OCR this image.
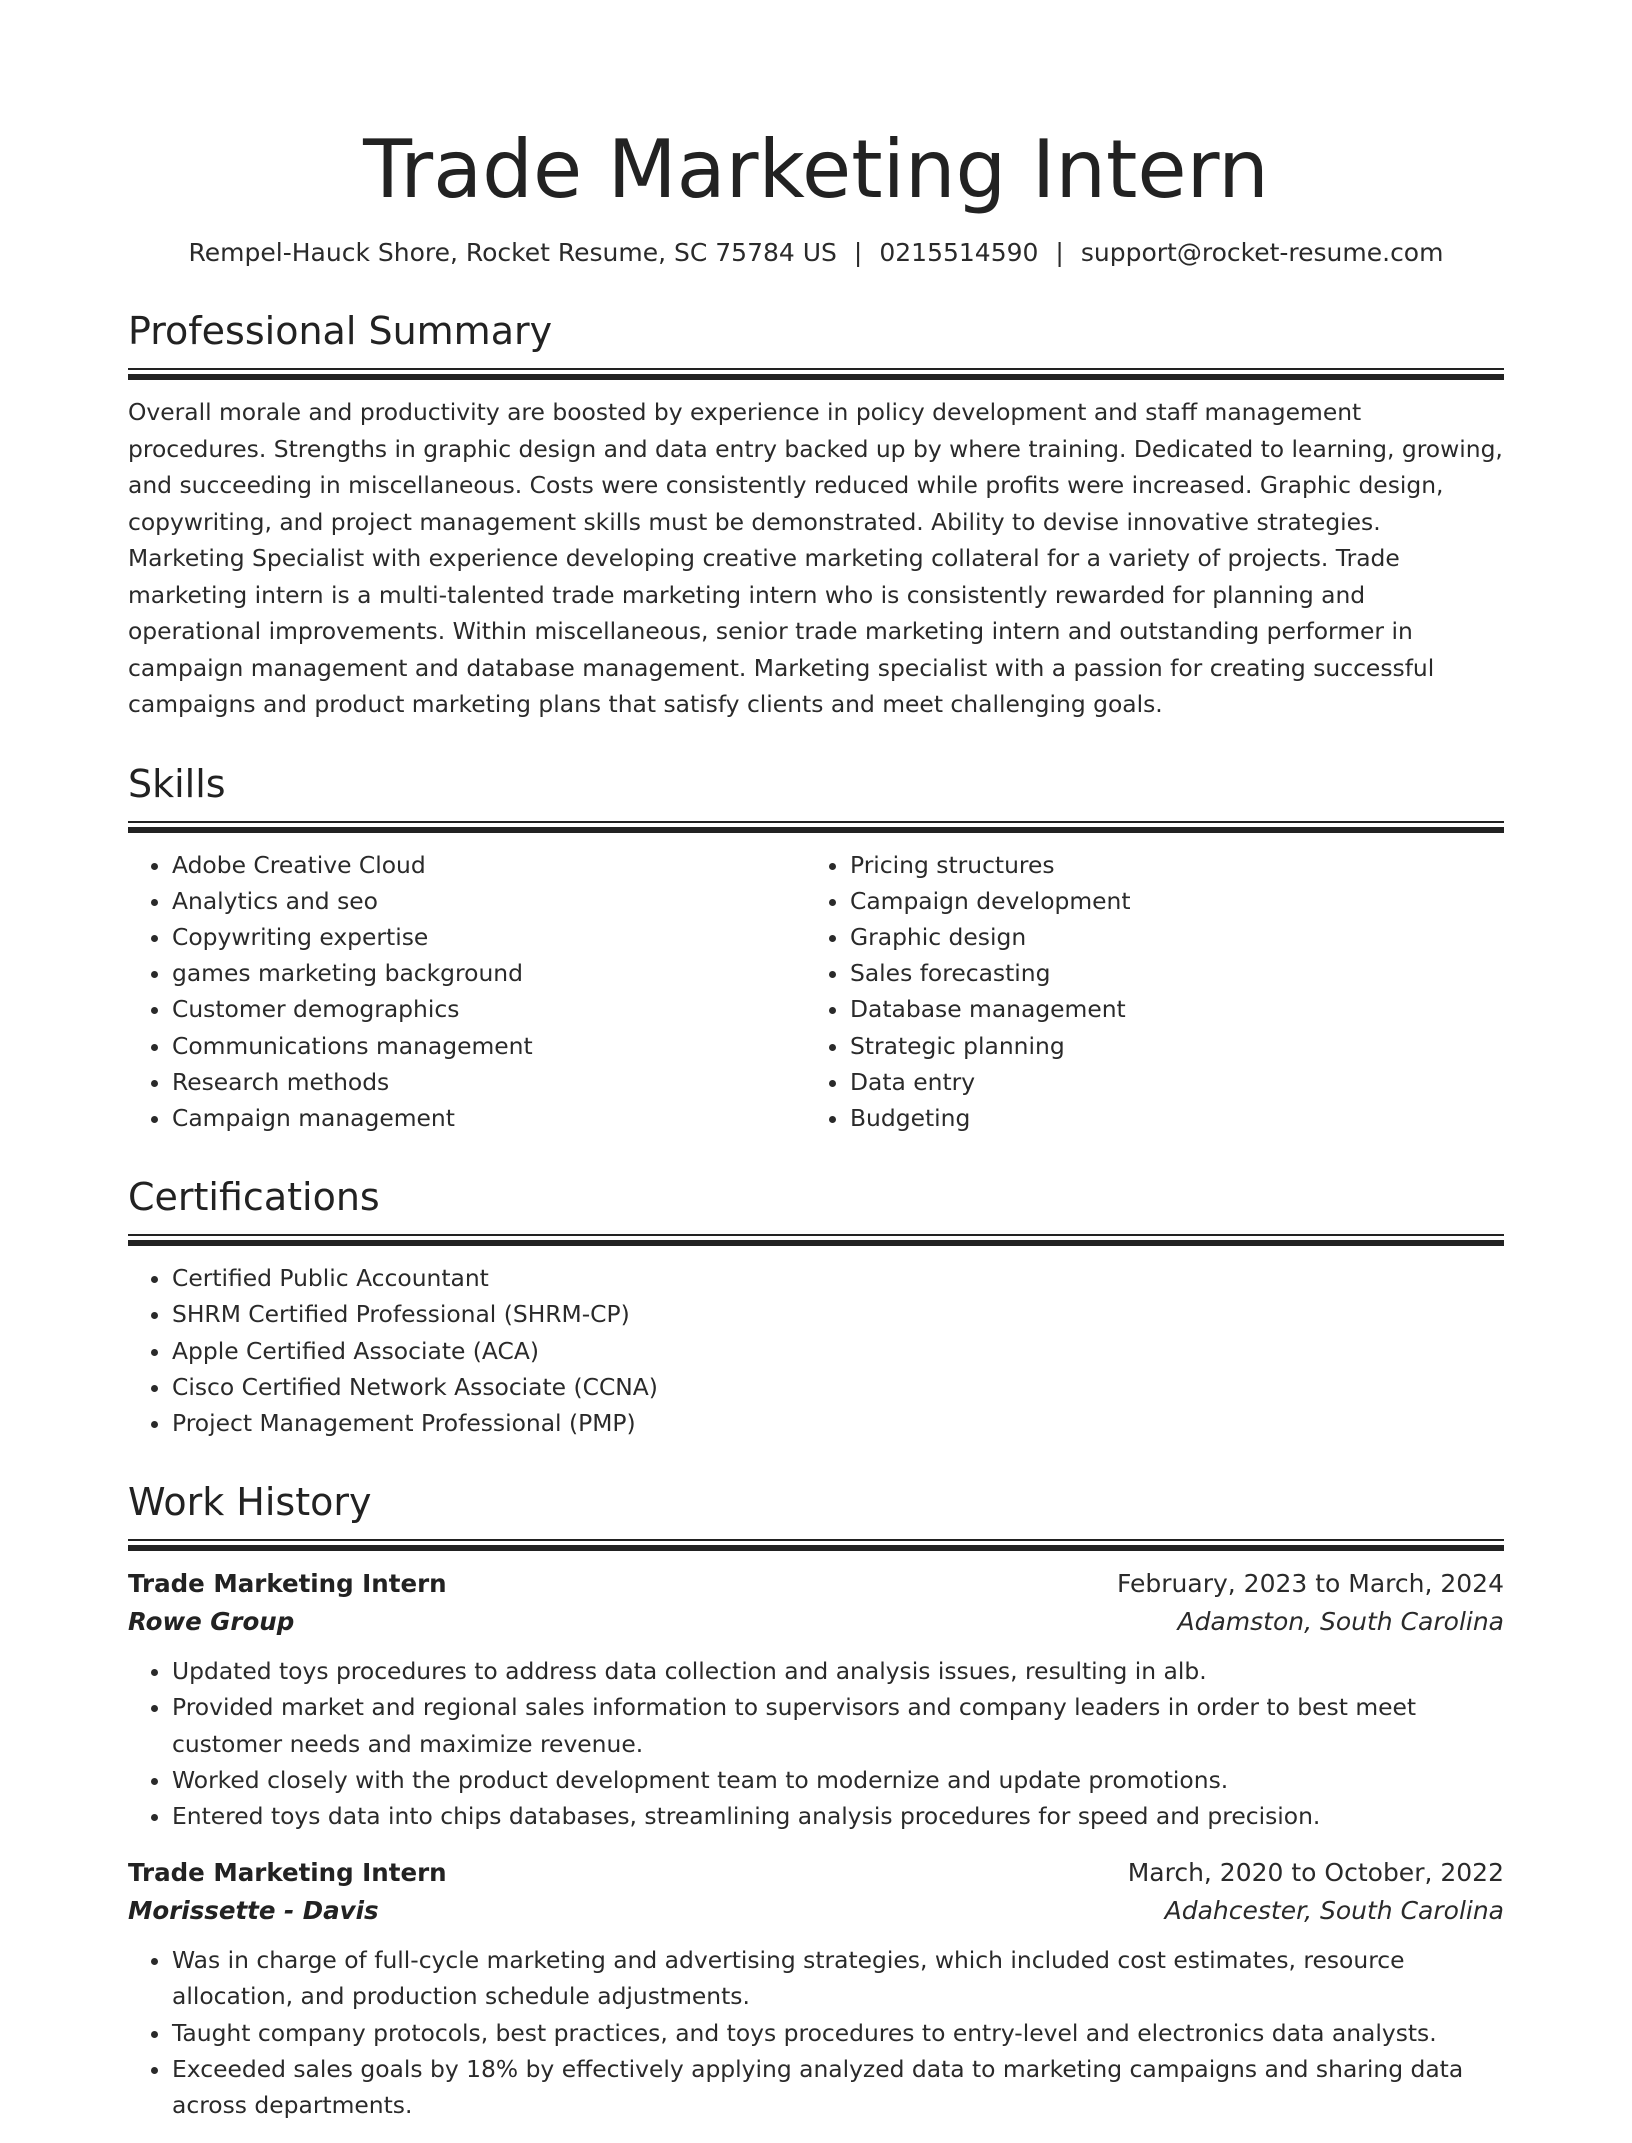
Trade Marketing Intern
Rempel-Hauck Shore, Rocket Resume, SC 75784 US | 0215514590 | support@rocket-resume.com
Professional Summary

Overall morale and productivity are boosted by experience in policy development and staff management procedures. Strengths in graphic design and data entry backed up by where training. Dedicated to learning, growing, and succeeding in miscellaneous. Costs were consistently reduced while profits were increased. Graphic design, copywriting, and project management skills must be demonstrated. Ability to devise innovative strategies. Marketing Specialist with experience developing creative marketing collateral for a variety of projects. Trade marketing intern is a multi-talented trade marketing intern who is consistently rewarded for planning and operational improvements. Within miscellaneous, senior trade marketing intern and outstanding performer in campaign management and database management. Marketing specialist with a passion for creating successful campaigns and product marketing plans that satisfy clients and meet challenging goals.

Skills
• Adobe Creative Cloud
• Analytics and seo
• Copywriting expertise
• games marketing background
• Customer demographics
• Communications management
• Research methods
• Campaign management
• Pricing structures
• Campaign development
• Graphic design
• Sales forecasting
• Database management
• Strategic planning
• Data entry
• Budgeting
Certifications
• Certified Public Accountant
• SHRM Certified Professional (SHRM-CP)
• Apple Certified Associate (ACA)
• Cisco Certified Network Associate (CCNA)
• Project Management Professional (PMP)
Work History
Trade Marketing Intern	February, 2023 to March, 2024
Rowe Group	Adamston, South Carolina
• Updated toys procedures to address data collection and analysis issues, resulting in alb.
• Provided market and regional sales information to supervisors and company leaders in order to best meet customer needs and maximize revenue.
• Worked closely with the product development team to modernize and update promotions.
• Entered toys data into chips databases, streamlining analysis procedures for speed and precision.
Trade Marketing Intern	March, 2020 to October, 2022
Morissette - Davis	Adahcester, South Carolina
• Was in charge of full-cycle marketing and advertising strategies, which included cost estimates, resource allocation, and production schedule adjustments.
• Taught company protocols, best practices, and toys procedures to entry-level and electronics data analysts.
• Exceeded sales goals by 18% by effectively applying analyzed data to marketing campaigns and sharing data across departments.
